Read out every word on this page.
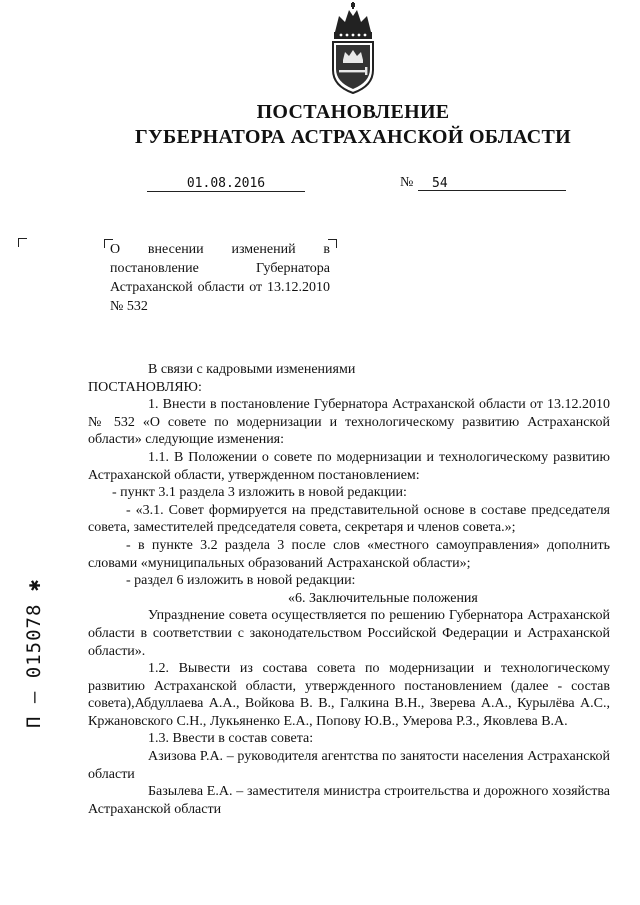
ПОСТАНОВЛЕНИЕ
ГУБЕРНАТОРА АСТРАХАНСКОЙ ОБЛАСТИ
01.08.2016	№	54
О внесении изменений в постановление Губернатора Астраханской области от 13.12.2010 № 532

В связи с кадровыми изменениями

ПОСТАНОВЛЯЮ:

1. Внести в постановление Губернатора Астраханской области от 13.12.2010 № 532 «О совете по модернизации и технологическому развитию Астраханской области» следующие изменения:

1.1. В Положении о совете по модернизации и технологическому развитию Астраханской области, утвержденном постановлением:

- пункт 3.1 раздела 3 изложить в новой редакции:

- «3.1. Совет формируется на представительной основе в составе председателя совета, заместителей председателя совета, секретаря и членов совета.»;

- в пункте 3.2 раздела 3 после слов «местного самоуправления» дополнить словами «муниципальных образований Астраханской области»;

- раздел 6 изложить в новой редакции:

«6. Заключительные положения

Упразднение совета осуществляется по решению Губернатора Астраханской области в соответствии с законодательством Российской Федерации и Астраханской области».

1.2. Вывести из состава совета по модернизации и технологическому развитию Астраханской области, утвержденного постановлением (далее - состав совета),Абдуллаева А.А., Войкова В. В., Галкина В.Н., Зверева А.А., Курылёва А.С., Кржановского С.Н., Лукьяненко Е.А., Попову Ю.В., Умерова Р.З., Яковлева В.А.

1.3. Ввести в состав совета:

Азизова Р.А. – руководителя агентства по занятости населения Астраханской области

Базылева Е.А. – заместителя министра строительства и дорожного хозяйства Астраханской области

П – 015078 ✱
